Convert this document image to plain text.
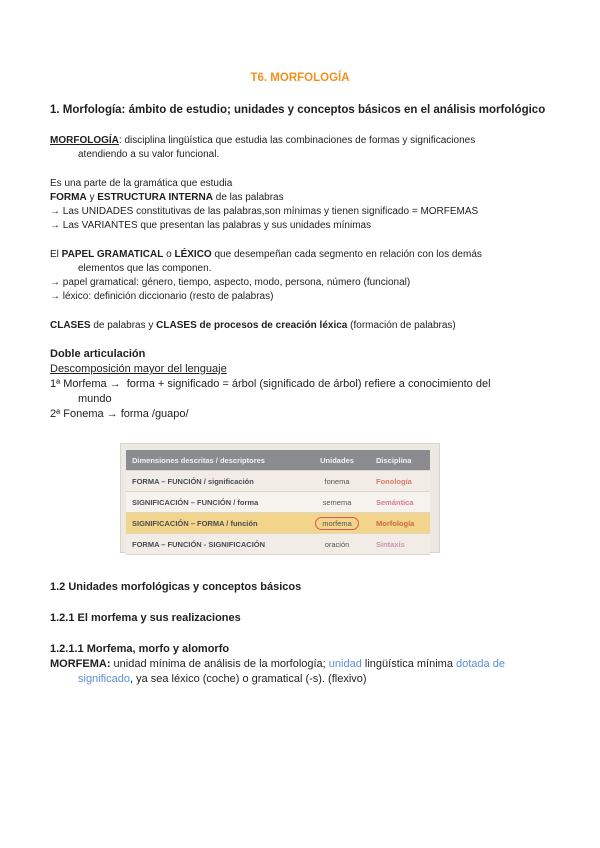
T6. MORFOLOGÍA
1. Morfología: ámbito de estudio; unidades y conceptos básicos en el análisis morfológico
MORFOLOGÍA: disciplina lingüística que estudia las combinaciones de formas y significaciones
atendiendo a su valor funcional.
Es una parte de la gramática que estudia
FORMA y ESTRUCTURA INTERNA de las palabras
→ Las UNIDADES constitutivas de las palabras,son mínimas y tienen significado = MORFEMAS
→ Las VARIANTES que presentan las palabras y sus unidades mínimas
El PAPEL GRAMATICAL o LÉXICO que desempeñan cada segmento en relación con los demás
elementos que las componen.
→ papel gramatical: género, tiempo, aspecto, modo, persona, número (funcional)
→ léxico: definición diccionario (resto de palabras)
CLASES de palabras y CLASES de procesos de creación léxica (formación de palabras)
Doble articulación
Descomposición mayor del lenguaje
1ª Morfema → forma + significado = árbol (significado de árbol) refiere a conocimiento del
mundo
2ª Fonema → forma /guapo/
Dimensiones descritas / descriptores	Unidades	Disciplina
FORMA – FUNCIÓN / significación	fonema	Fonología
SIGNIFICACIÓN – FUNCIÓN / forma	semema	Semántica
SIGNIFICACIÓN – FORMA / función	morfema	Morfología
FORMA – FUNCIÓN - SIGNIFICACIÓN	oración	Sintaxis
1.2 Unidades morfológicas y conceptos básicos
1.2.1 El morfema y sus realizaciones
1.2.1.1 Morfema, morfo y alomorfo
MORFEMA: unidad mínima de análisis de la morfología; unidad lingüística mínima dotada de
significado, ya sea léxico (coche) o gramatical (-s). (flexivo)
